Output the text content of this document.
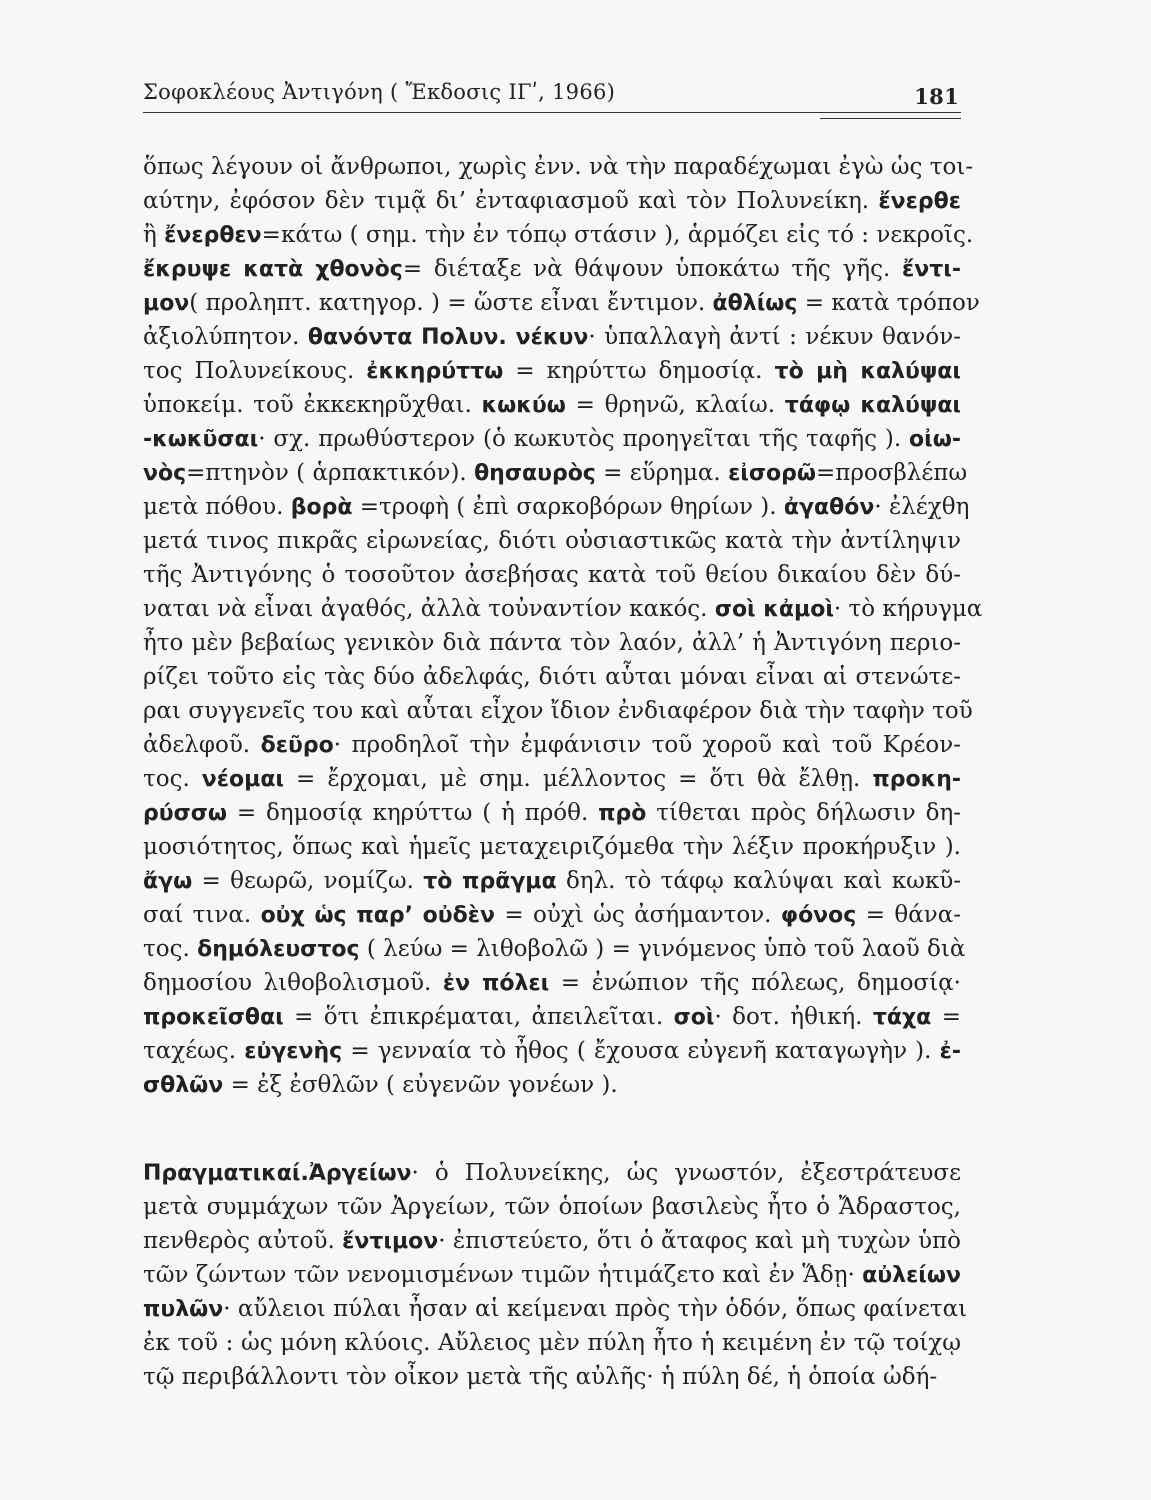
Σοφοκλέους Ἀντιγόνη ( Ἔκδοσις ΙΓʹ, 1966)	181
ὅπως λέγουν οἱ ἄνθρωποι, χωρὶς ἐνν. νὰ τὴν παραδέχωμαι ἐγὼ ὡς τοι-
αύτην, ἐφόσον δὲν τιμᾷ δι’ ἐνταφιασμοῦ καὶ τὸν Πολυνείκη. ἔνερθε
ἢ ἔνερθεν=κάτω ( σημ. τὴν ἐν τόπῳ στάσιν ), ἁρμόζει εἰς τό : νεκροῖς.
ἔκρυψε κατὰ χθονὸς= διέταξε νὰ θάψουν ὑποκάτω τῆς γῆς. ἔντι-
μον( προληπτ. κατηγορ. ) = ὥστε εἶναι ἔντιμον. ἀθλίως = κατὰ τρόπον
ἀξιολύπητον. θανόντα Πολυν. νέκυν· ὑπαλλαγὴ ἀντί : νέκυν θανόν-
τος Πολυνείκους. ἐκκηρύττω = κηρύττω δημοσίᾳ. τὸ μὴ καλύψαι
ὑποκείμ. τοῦ ἐκκεκηρῦχθαι. κωκύω = θρηνῶ, κλαίω. τάφῳ καλύψαι
-κωκῦσαι· σχ. πρωθύστερον (ὁ κωκυτὸς προηγεῖται τῆς ταφῆς ). οἰω-
νὸς=πτηνὸν ( ἁρπακτικόν). θησαυρὸς = εὕρημα. εἰσορῶ=προσβλέπω
μετὰ πόθου. βορὰ =τροφὴ ( ἐπὶ σαρκοβόρων θηρίων ). ἀγαθόν· ἐλέχθη
μετά τινος πικρᾶς εἰρωνείας, διότι οὐσιαστικῶς κατὰ τὴν ἀντίληψιν
τῆς Ἀντιγόνης ὁ τοσοῦτον ἀσεβήσας κατὰ τοῦ θείου δικαίου δὲν δύ-
ναται νὰ εἶναι ἀγαθός, ἀλλὰ τοὐναντίον κακός. σοὶ κἀμοὶ· τὸ κήρυγμα
ἦτο μὲν βεβαίως γενικὸν διὰ πάντα τὸν λαόν, ἀλλ’ ἡ Ἀντιγόνη περιο-
ρίζει τοῦτο εἰς τὰς δύο ἀδελφάς, διότι αὗται μόναι εἶναι αἱ στενώτε-
ραι συγγενεῖς του καὶ αὗται εἶχον ἴδιον ἐνδιαφέρον διὰ τὴν ταφὴν τοῦ
ἀδελφοῦ. δεῦρο· προδηλοῖ τὴν ἐμφάνισιν τοῦ χοροῦ καὶ τοῦ Κρέον-
τος. νέομαι = ἔρχομαι, μὲ σημ. μέλλοντος = ὅτι θὰ ἔλθῃ. προκη-
ρύσσω = δημοσίᾳ κηρύττω ( ἡ πρόθ. πρὸ τίθεται πρὸς δήλωσιν δη-
μοσιότητος, ὅπως καὶ ἡμεῖς μεταχειριζόμεθα τὴν λέξιν προκήρυξιν ).
ἄγω = θεωρῶ, νομίζω. τὸ πρᾶγμα δηλ. τὸ τάφῳ καλύψαι καὶ κωκῦ-
σαί τινα. οὐχ ὡς παρ’ οὐδὲν = οὐχὶ ὡς ἀσήμαντον. φόνος = θάνα-
τος. δημόλευστος ( λεύω = λιθοβολῶ ) = γινόμενος ὑπὸ τοῦ λαοῦ διὰ
δημοσίου λιθοβολισμοῦ. ἐν πόλει = ἐνώπιον τῆς πόλεως, δημοσίᾳ·
προκεῖσθαι = ὅτι ἐπικρέμαται, ἀπειλεῖται. σοὶ· δοτ. ἠθική. τάχα =
ταχέως. εὐγενὴς = γενναία τὸ ἦθος ( ἔχουσα εὐγενῆ καταγωγὴν ). ἐ-
σθλῶν = ἐξ ἐσθλῶν ( εὐγενῶν γονέων ).
Πραγματικαί.Ἀργείων· ὁ Πολυνείκης, ὡς γνωστόν, ἐξεστράτευσε
μετὰ συμμάχων τῶν Ἀργείων, τῶν ὁποίων βασιλεὺς ἦτο ὁ Ἄδραστος,
πενθερὸς αὐτοῦ. ἔντιμον· ἐπιστεύετο, ὅτι ὁ ἄταφος καὶ μὴ τυχὼν ὑπὸ
τῶν ζώντων τῶν νενομισμένων τιμῶν ἠτιμάζετο καὶ ἐν Ἅδῃ· αὐλείων
πυλῶν· αὔλειοι πύλαι ἦσαν αἱ κείμεναι πρὸς τὴν ὁδόν, ὅπως φαίνεται
ἐκ τοῦ : ὡς μόνη κλύοις. Αὔλειος μὲν πύλη ἦτο ἡ κειμένη ἐν τῷ τοίχῳ
τῷ περιβάλλοντι τὸν οἶκον μετὰ τῆς αὐλῆς· ἡ πύλη δέ, ἡ ὁποία ὠδή-
